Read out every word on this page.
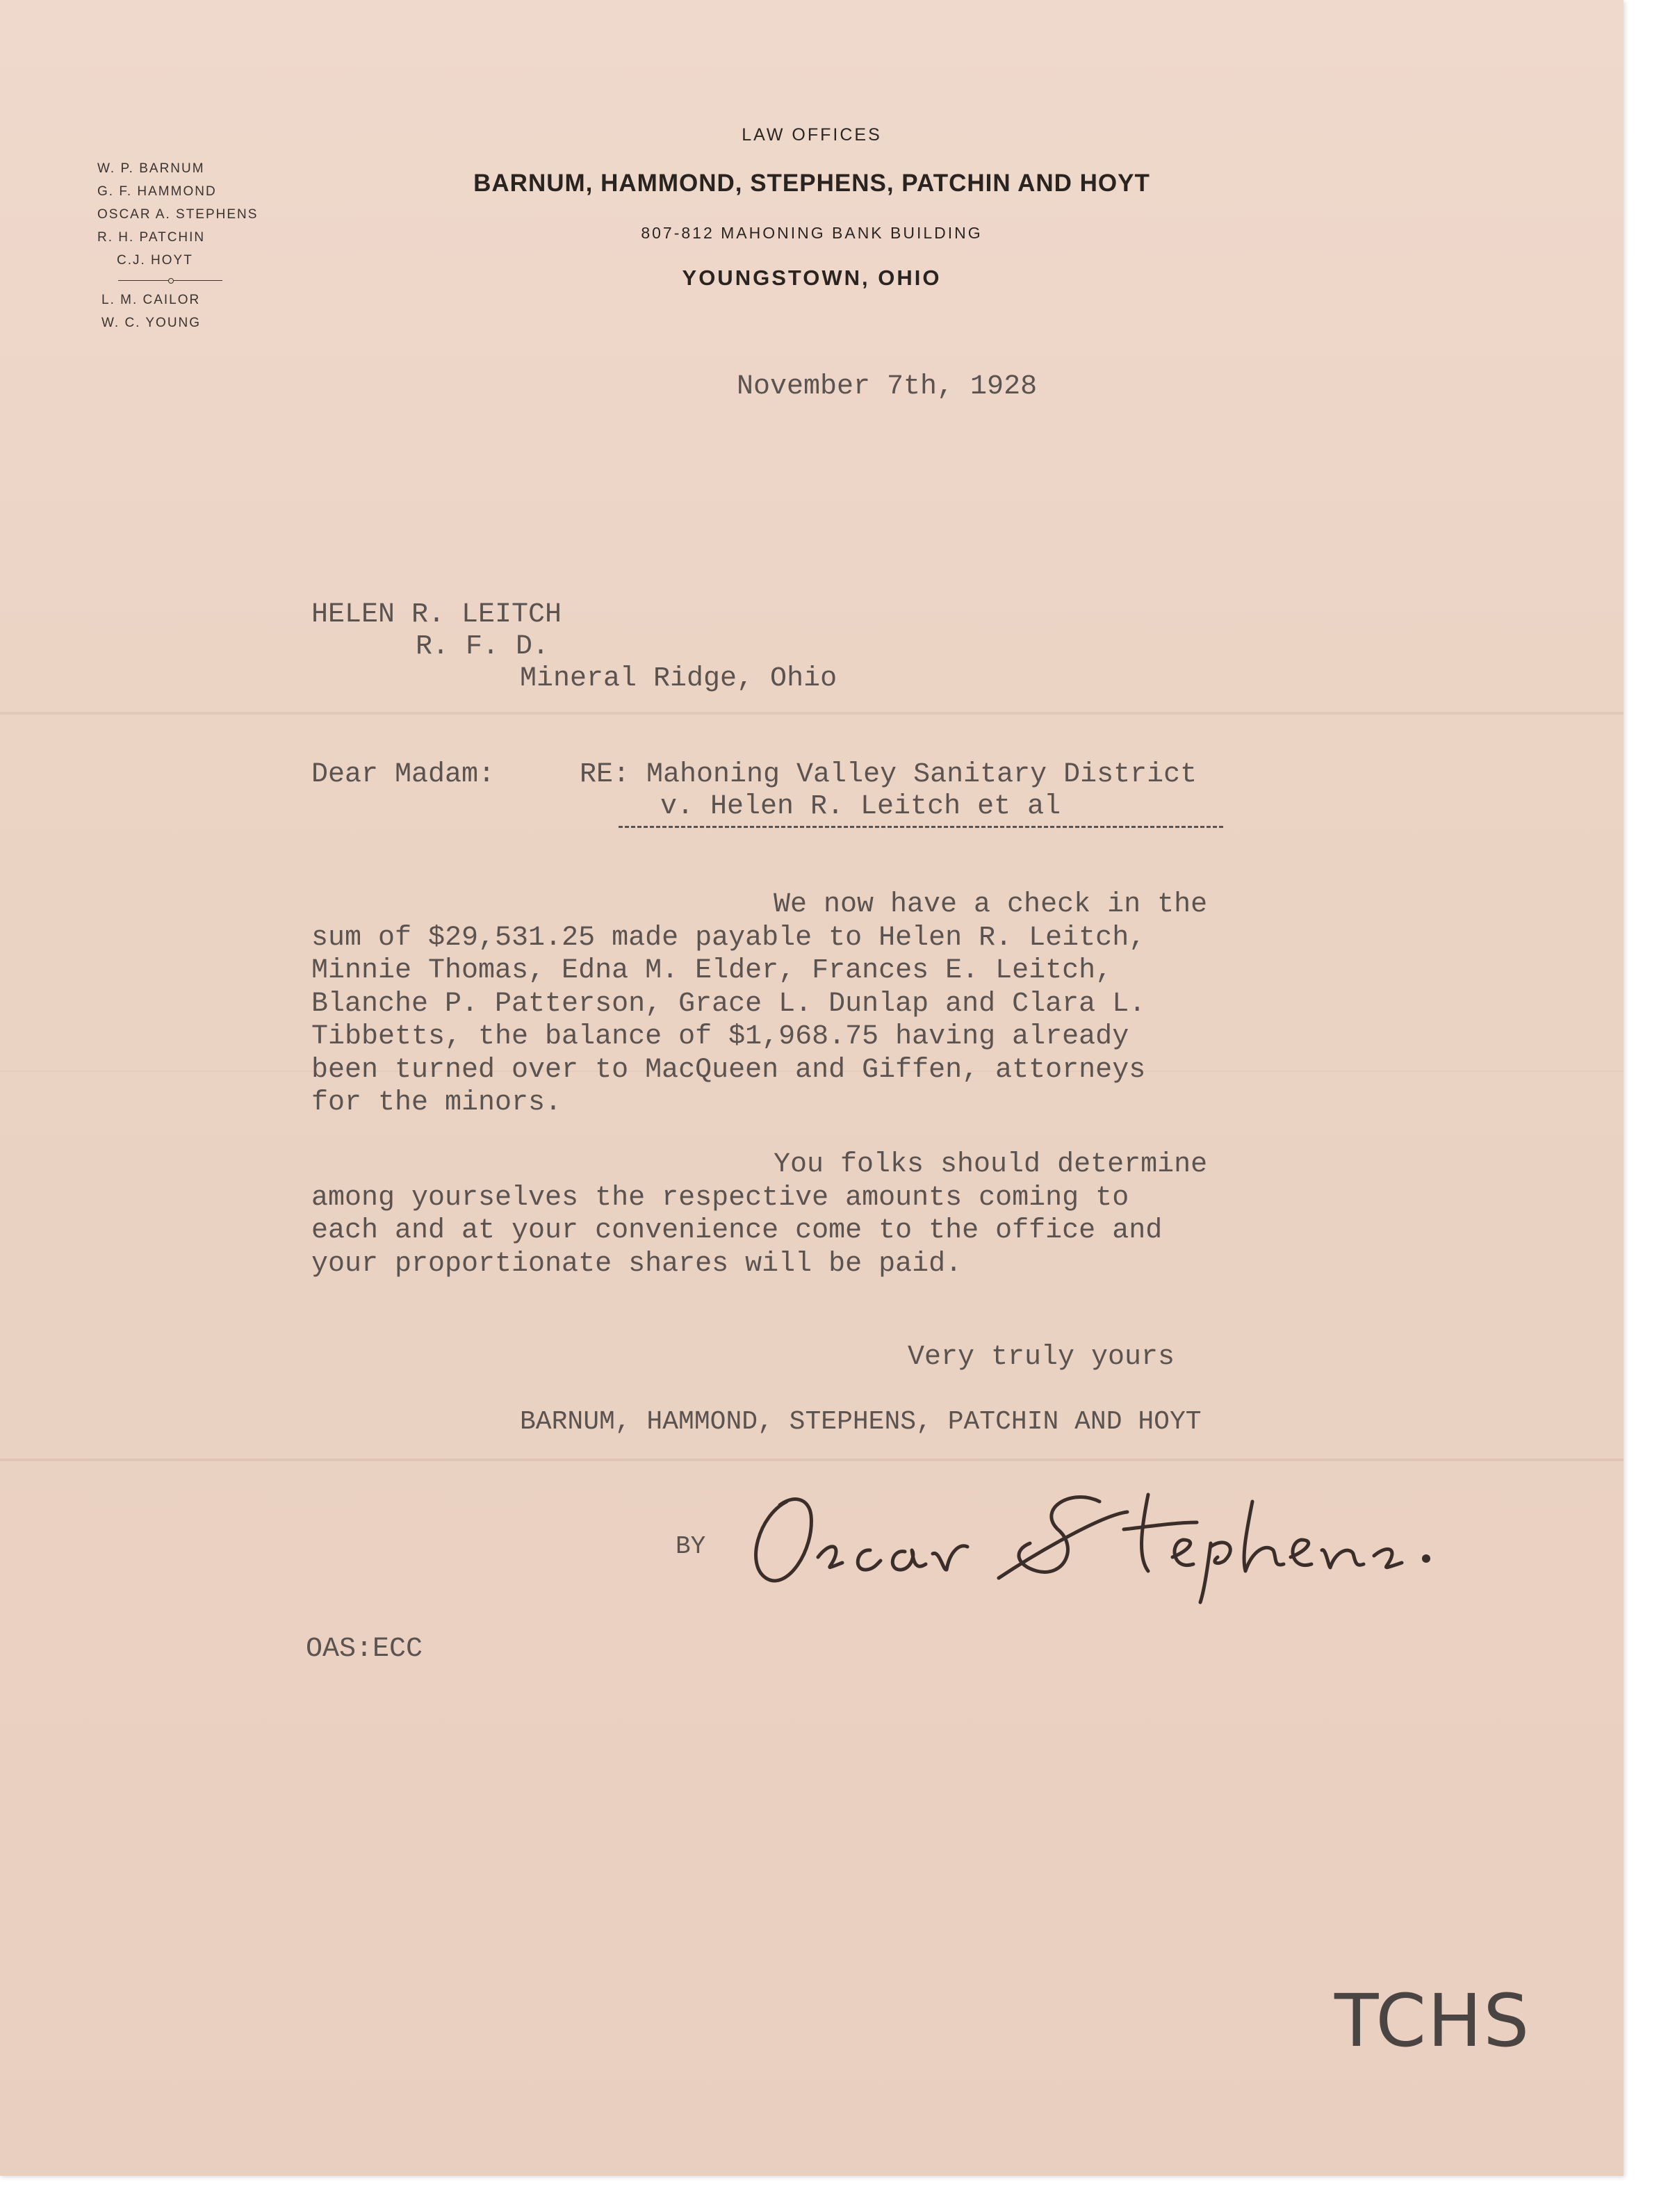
W. P. BARNUM
G. F. HAMMOND
OSCAR A. STEPHENS
R. H. PATCHIN
C.J. HOYT
L. M. CAILOR
W. C. YOUNG
LAW OFFICES
BARNUM, HAMMOND, STEPHENS, PATCHIN AND HOYT
807-812 MAHONING BANK BUILDING
YOUNGSTOWN, OHIO
November 7th, 1928
HELEN R. LEITCH
R. F. D.
Mineral Ridge, Ohio
Dear Madam:	RE: Mahoning Valley Sanitary District
v. Helen R. Leitch et al
We now have a check in the
sum of $29,531.25 made payable to Helen R. Leitch,
Minnie Thomas, Edna M. Elder, Frances E. Leitch,
Blanche P. Patterson, Grace L. Dunlap and Clara L.
Tibbetts, the balance of $1,968.75 having already
been turned over to MacQueen and Giffen, attorneys
for the minors.
You folks should determine
among yourselves the respective amounts coming to
each and at your convenience come to the office and
your proportionate shares will be paid.
Very truly yours
BARNUM, HAMMOND, STEPHENS, PATCHIN AND HOYT
BY
OAS:ECC
TCHS
